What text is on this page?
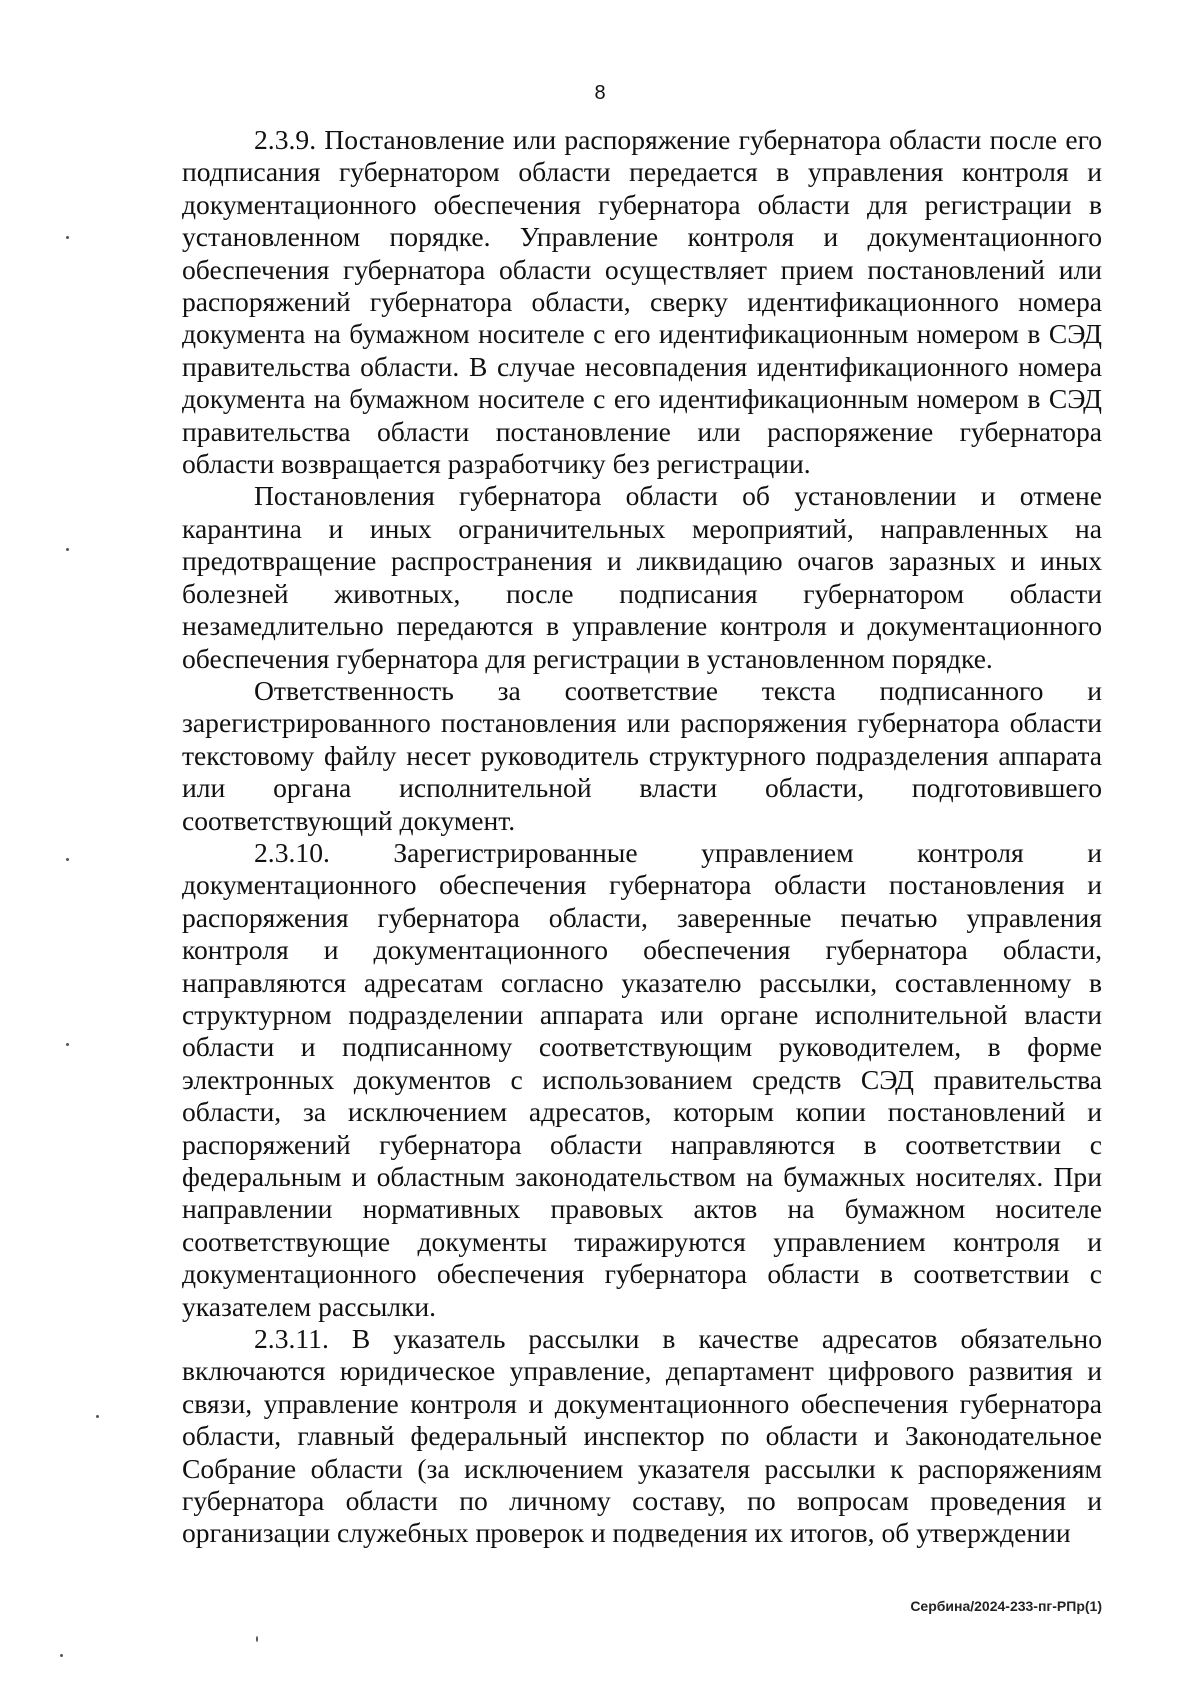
8

2.3.9. Постановление или распоряжение губернатора области после его подписания губернатором области передается в управления контроля и документационного обеспечения губернатора области для регистрации в установленном порядке. Управление контроля и документационного обеспечения губернатора области осуществляет прием постановлений или распоряжений губернатора области, сверку идентификационного номера документа на бумажном носителе с его идентификационным номером в СЭД правительства области. В случае несовпадения идентификационного номера документа на бумажном носителе с его идентификационным номером в СЭД правительства области постановление или распоряжение губернатора области возвращается разработчику без регистрации.

Постановления губернатора области об установлении и отмене карантина и иных ограничительных мероприятий, направленных на предотвращение распространения и ликвидацию очагов заразных и иных болезней животных, после подписания губернатором области незамедлительно передаются в управление контроля и документационного обеспечения губернатора для регистрации в установленном порядке.

Ответственность за соответствие текста подписанного и зарегистрированного постановления или распоряжения губернатора области текстовому файлу несет руководитель структурного подразделения аппарата или органа исполнительной власти области, подготовившего соответствующий документ.

2.3.10. Зарегистрированные управлением контроля и документационного обеспечения губернатора области постановления и распоряжения губернатора области, заверенные печатью управления контроля и документационного обеспечения губернатора области, направляются адресатам согласно указателю рассылки, составленному в структурном подразделении аппарата или органе исполнительной власти области и подписанному соответствующим руководителем, в форме электронных документов с использованием средств СЭД правительства области, за исключением адресатов, которым копии постановлений и распоряжений губернатора области направляются в соответствии с федеральным и областным законодательством на бумажных носителях. При направлении нормативных правовых актов на бумажном носителе соответствующие документы тиражируются управлением контроля и документационного обеспечения губернатора области в соответствии с указателем рассылки.

2.3.11. В указатель рассылки в качестве адресатов обязательно включаются юридическое управление, департамент цифрового развития и связи, управление контроля и документационного обеспечения губернатора области, главный федеральный инспектор по области и Законодательное Собрание области (за исключением указателя рассылки к распоряжениям губернатора области по личному составу, по вопросам проведения и организации служебных проверок и подведения их итогов, об утверждении

Сербина/2024-233-пг-РПр(1)
